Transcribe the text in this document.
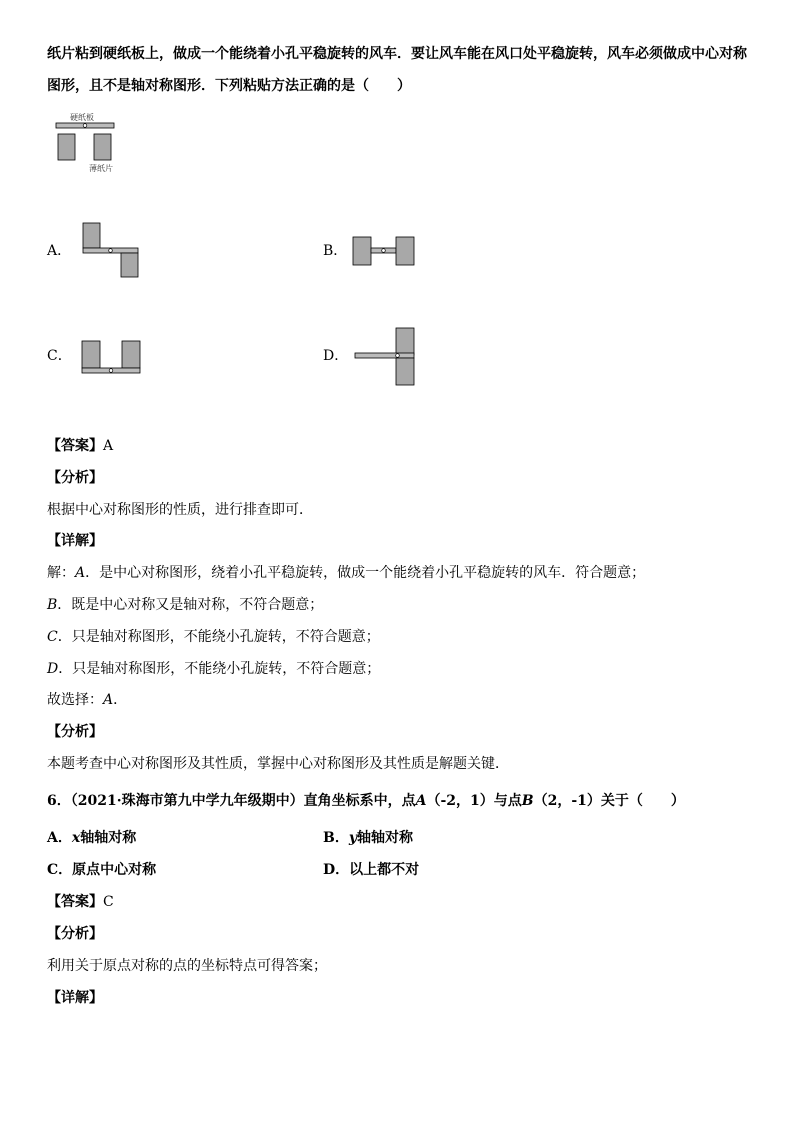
纸片粘到硬纸板上，做成一个能绕着小孔平稳旋转的风车．要让风车能在风口处平稳旋转，风车必须做成中心对称
图形，且不是轴对称图形．下列粘贴方法正确的是（　　）
硬纸板
薄纸片
A．	B．
C．	D．
【答案】A
【分析】
根据中心对称图形的性质，进行排查即可．
【详解】
解：A．是中心对称图形，绕着小孔平稳旋转，做成一个能绕着小孔平稳旋转的风车．符合题意；
B．既是中心对称又是轴对称，不符合题意；
C．只是轴对称图形，不能绕小孔旋转，不符合题意；
D．只是轴对称图形，不能绕小孔旋转，不符合题意；
故选择：A．
【分析】
本题考查中心对称图形及其性质，掌握中心对称图形及其性质是解题关键．
6．（2021·珠海市第九中学九年级期中）直角坐标系中，点A（-2，1）与点B（2，-1）关于（　　）
A．x轴轴对称	B．y轴轴对称
C．原点中心对称	D．以上都不对
【答案】C
【分析】
利用关于原点对称的点的坐标特点可得答案；
【详解】
